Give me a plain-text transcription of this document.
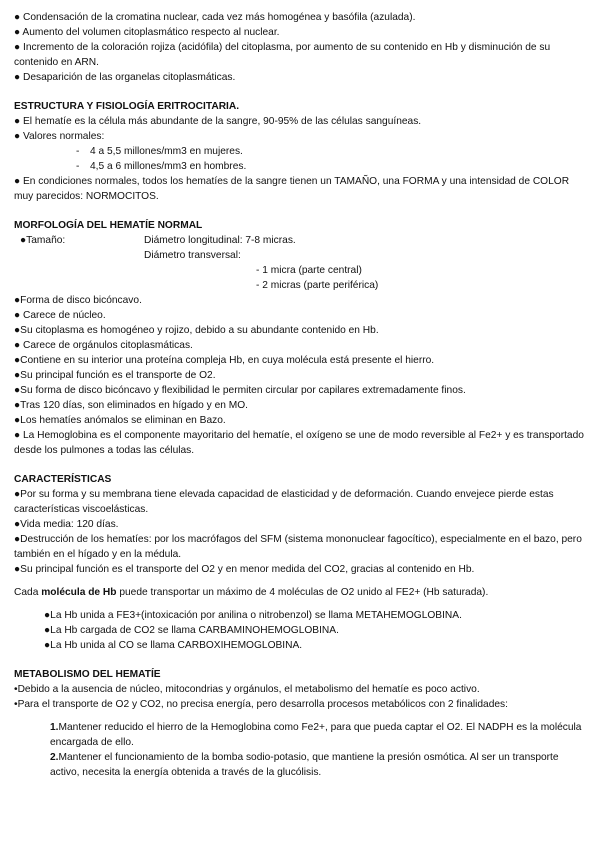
● Condensación de la cromatina nuclear, cada vez más homogénea y basófila (azulada).

● Aumento del volumen citoplasmático respecto al nuclear.

● Incremento de la coloración rojiza (acidófila) del citoplasma, por aumento de su contenido en Hb y disminución de su contenido en ARN.

● Desaparición de las organelas citoplasmáticas.

ESTRUCTURA Y FISIOLOGÍA ERITROCITARIA.

● El hematíe es la célula más abundante de la sangre, 90-95% de las células sanguíneas.

● Valores normales:

- 4 a 5,5 millones/mm3 en mujeres.

- 4,5 a 6 millones/mm3 en hombres.

● En condiciones normales, todos los hematíes de la sangre tienen un TAMAÑO, una FORMA y una intensidad de COLOR muy parecidos: NORMOCITOS.

MORFOLOGÍA DEL HEMATÍE NORMAL

●Tamaño:	Diámetro longitudinal: 7-8 micras.

Diámetro transversal:

- 1 micra (parte central)

- 2 micras (parte periférica)

●Forma de disco bicóncavo.

● Carece de núcleo.

●Su citoplasma es homogéneo y rojizo, debido a su abundante contenido en Hb.

● Carece de orgánulos citoplasmáticas.

●Contiene en su interior una proteína compleja Hb, en cuya molécula está presente el hierro.

●Su principal función es el transporte de O2.

●Su forma de disco bicóncavo y flexibilidad le permiten circular por capilares extremadamente finos.

●Tras 120 días, son eliminados en hígado y en MO.

●Los hematíes anómalos se eliminan en Bazo.

● La Hemoglobina es el componente mayoritario del hematíe, el oxígeno se une de modo reversible al Fe2+ y es transportado desde los pulmones a todas las células.

CARACTERÍSTICAS

●Por su forma y su membrana tiene elevada capacidad de elasticidad y de deformación. Cuando envejece pierde estas características viscoelásticas.

●Vida media: 120 días.

●Destrucción de los hematíes: por los macrófagos del SFM (sistema mononuclear fagocítico), especialmente en el bazo, pero también en el hígado y en la médula.

●Su principal función es el transporte del O2 y en menor medida del CO2, gracias al contenido en Hb.

Cada molécula de Hb puede transportar un máximo de 4 moléculas de O2 unido al FE2+ (Hb saturada).

●La Hb unida a FE3+(intoxicación por anilina o nitrobenzol) se llama METAHEMOGLOBINA.

●La Hb cargada de CO2 se llama CARBAMINOHEMOGLOBINA.

●La Hb unida al CO se llama CARBOXIHEMOGLOBINA.

METABOLISMO DEL HEMATÍE

•Debido a la ausencia de núcleo, mitocondrias y orgánulos, el metabolismo del hematíe es poco activo.

•Para el transporte de O2 y CO2, no precisa energía, pero desarrolla procesos metabólicos con 2 finalidades:

1.Mantener reducido el hierro de la Hemoglobina como Fe2+, para que pueda captar el O2. El NADPH es la molécula encargada de ello.

2.Mantener el funcionamiento de la bomba sodio-potasio, que mantiene la presión osmótica. Al ser un transporte activo, necesita la energía obtenida a través de la glucólisis.
